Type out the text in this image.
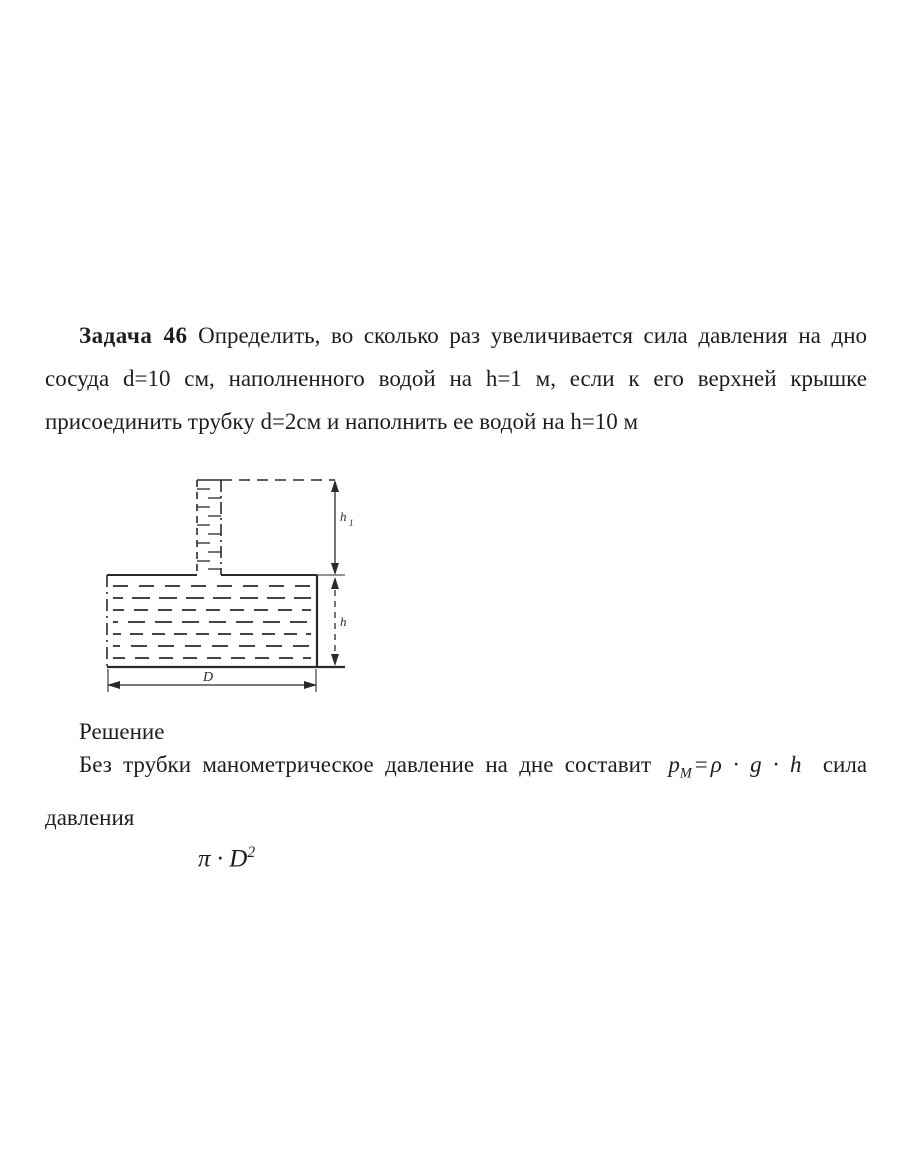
Задача 46 Определить, во сколько раз увеличивается сила давления на дно сосуда d=10 см, наполненного водой на h=1 м, если к его верхней крышке присоединить трубку d=2см и наполнить ее водой на h=10 м

h 1
h
D

Решение

Без трубки манометрическое давление на дне составит $p_M = \rho \cdot g \cdot h$ сила давления

$\pi \cdot D^2$
